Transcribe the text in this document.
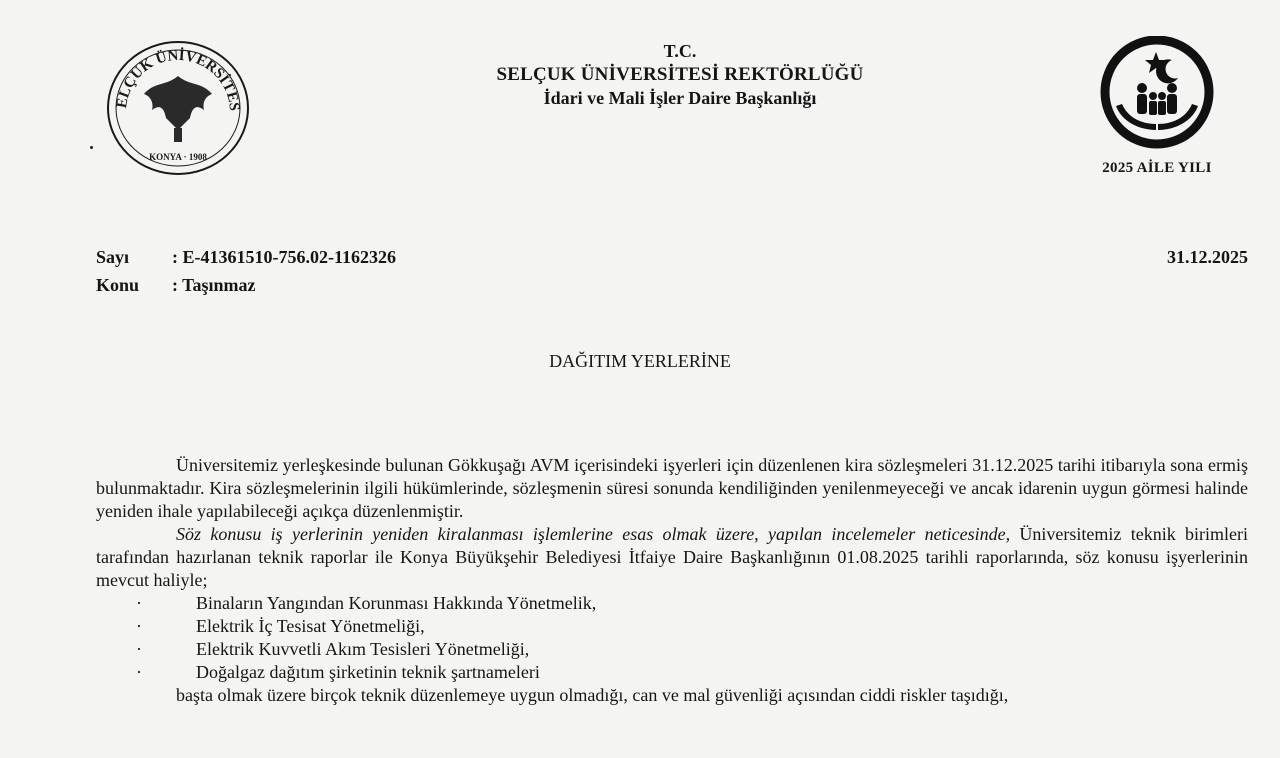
ELÇUK ÜNİVERSİTES
KONYA · 1908
T.C.
SELÇUK ÜNİVERSİTESİ REKTÖRLÜĞÜ
İdari ve Mali İşler Daire Başkanlığı
2025 AİLE YILI
Sayı	: E-41361510-756.02-1162326
Konu	: Taşınmaz
31.12.2025
DAĞITIM YERLERİNE

Üniversitemiz yerleşkesinde bulunan Gökkuşağı AVM içerisindeki işyerleri için düzenlenen kira sözleşmeleri 31.12.2025 tarihi itibarıyla sona ermiş bulunmaktadır. Kira sözleşmelerinin ilgili hükümlerinde, sözleşmenin süresi sonunda kendiliğinden yenilenmeyeceği ve ancak idarenin uygun görmesi halinde yeniden ihale yapılabileceği açıkça düzenlenmiştir.

Söz konusu iş yerlerinin yeniden kiralanması işlemlerine esas olmak üzere, yapılan incelemeler neticesinde, Üniversitemiz teknik birimleri tarafından hazırlanan teknik raporlar ile Konya Büyükşehir Belediyesi İtfaiye Daire Başkanlığının 01.08.2025 tarihli raporlarında, söz konusu işyerlerinin mevcut haliyle;

·	Binaların Yangından Korunması Hakkında Yönetmelik,
·	Elektrik İç Tesisat Yönetmeliği,
·	Elektrik Kuvvetli Akım Tesisleri Yönetmeliği,
·	Doğalgaz dağıtım şirketinin teknik şartnameleri

başta olmak üzere birçok teknik düzenlemeye uygun olmadığı, can ve mal güvenliği açısından ciddi riskler taşıdığı,
